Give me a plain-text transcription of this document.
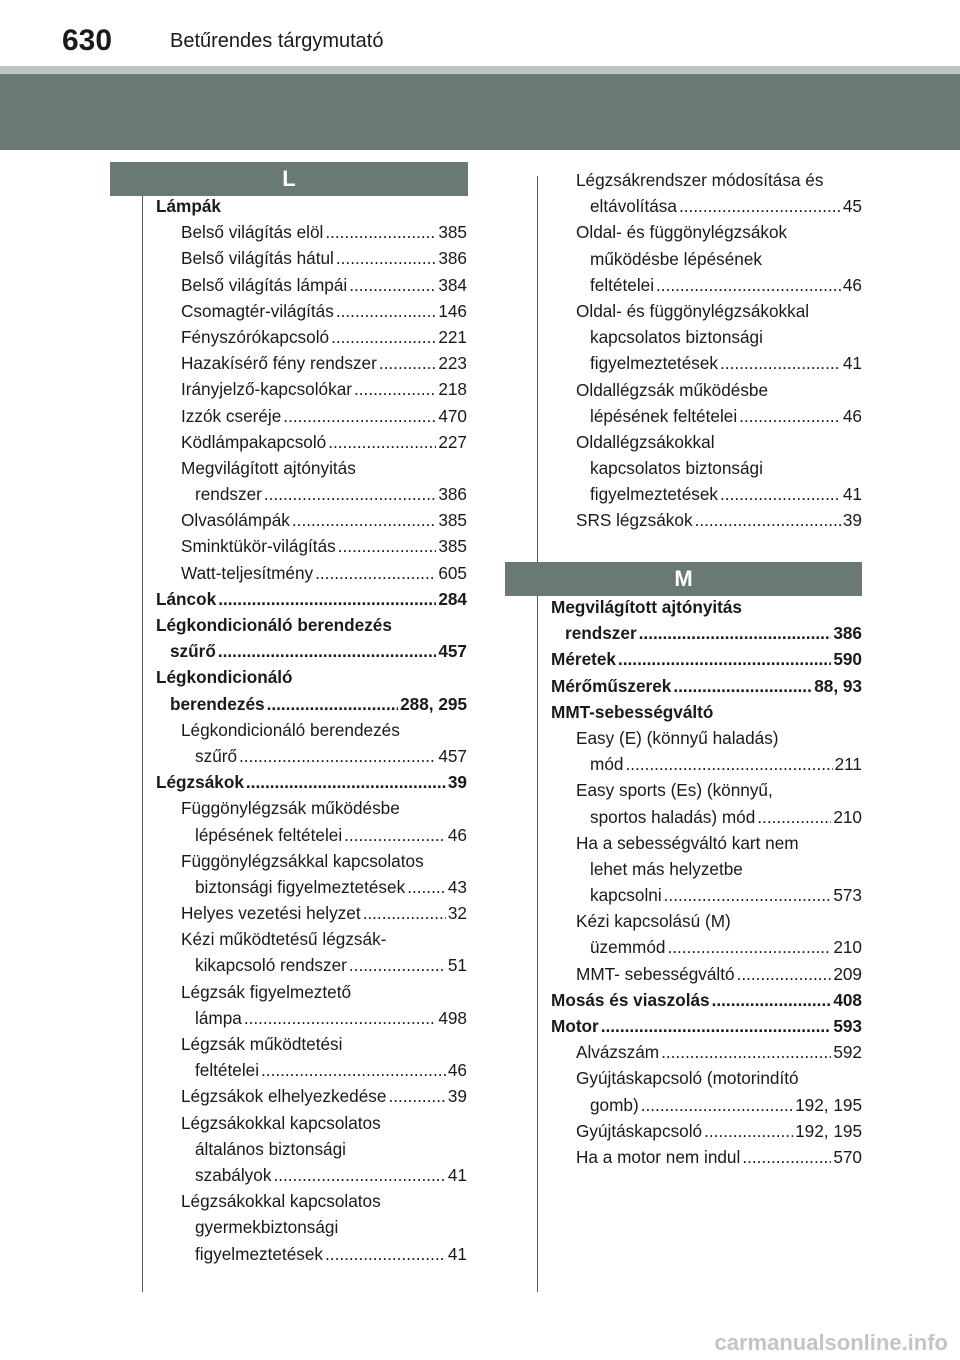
630	Betűrendes tárgymutató
L
M
Lámpák
Belső világítás elöl .....	385
Belső világítás hátul .....	386
Belső világítás lámpái .....	384
Csomagtér-világítás .....	146
Fényszórókapcsoló .....	221
Hazakísérő fény rendszer .....	223
Irányjelző-kapcsolókar .....	218
Izzók cseréje .....	470
Ködlámpakapcsoló .....	227
Megvilágított ajtónyitás
rendszer .....	386
Olvasólámpák .....	385
Sminktükör-világítás .....	385
Watt-teljesítmény .....	605
Láncok .....	284
Légkondicionáló berendezés
szűrő .....	457
Légkondicionáló
berendezés .....	288, 295
Légkondicionáló berendezés
szűrő .....	457
Légzsákok .....	39
Függönylégzsák működésbe
lépésének feltételei .....	46
Függönylégzsákkal kapcsolatos
biztonsági figyelmeztetések ..... 43
Helyes vezetési helyzet .....	32
Kézi működtetésű légzsák-
kikapcsoló rendszer .....	51
Légzsák figyelmeztető
lámpa .....	498
Légzsák működtetési
feltételei .....	46
Légzsákok elhelyezkedése .....	39
Légzsákokkal kapcsolatos
általános biztonsági
szabályok .....	41
Légzsákokkal kapcsolatos
gyermekbiztonsági
figyelmeztetések .....	41
Légzsákrendszer módosítása és
eltávolítása .....	45
Oldal- és függönylégzsákok
működésbe lépésének
feltételei .....	46
Oldal- és függönylégzsákokkal
kapcsolatos biztonsági
figyelmeztetések .....	41
Oldallégzsák működésbe
lépésének feltételei .....	46
Oldallégzsákokkal
kapcsolatos biztonsági
figyelmeztetések .....	41
SRS légzsákok .....	39
Megvilágított ajtónyitás
rendszer .....	386
Méretek .....	590
Mérőműszerek .....	88, 93
MMT-sebességváltó
Easy (E) (könnyű haladás)
mód .....	211
Easy sports (Es) (könnyű,
sportos haladás) mód .....	210
Ha a sebességváltó kart nem
lehet más helyzetbe
kapcsolni .....	573
Kézi kapcsolású (M)
üzemmód .....	210
MMT- sebességváltó .....	209
Mosás és viaszolás .....	408
Motor .....	593
Alvázszám .....	592
Gyújtáskapcsoló (motorindító
gomb) .....	192, 195
Gyújtáskapcsoló .....	192, 195
Ha a motor nem indul .....	570
carmanualsonline.info
